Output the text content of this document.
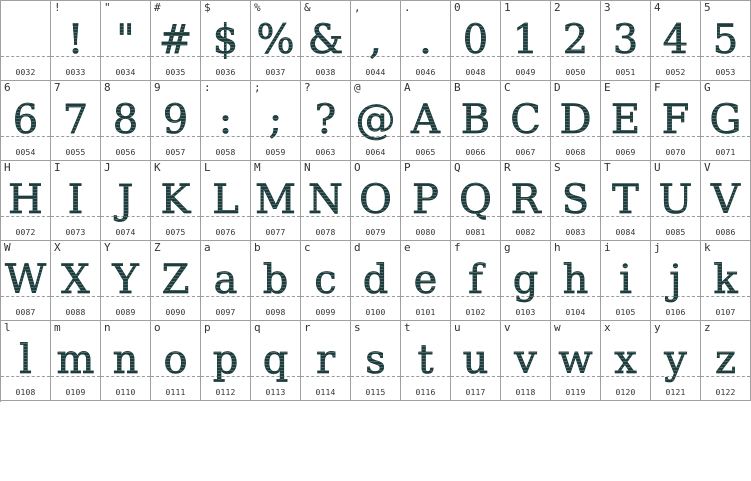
0032
!
!
0033
"
"
0034
#
#
0035
$
$
0036
%
%
0037
&
&
0038
,
,
0044
.
.
0046
0
0
0048
1
1
0049
2
2
0050
3
3
0051
4
4
0052
5
5
0053
6
6
0054
7
7
0055
8
8
0056
9
9
0057
:
:
0058
;
;
0059
?
?
0063
@
@
0064
A
A
0065
B
B
0066
C
C
0067
D
D
0068
E
E
0069
F
F
0070
G
G
0071
H
H
0072
I
I
0073
J
J
0074
K
K
0075
L
L
0076
M
M
0077
N
N
0078
O
O
0079
P
P
0080
Q
Q
0081
R
R
0082
S
S
0083
T
T
0084
U
U
0085
V
V
0086
W
W
0087
X
X
0088
Y
Y
0089
Z
Z
0090
a
a
0097
b
b
0098
c
c
0099
d
d
0100
e
e
0101
f
f
0102
g
g
0103
h
h
0104
i
i
0105
j
j
0106
k
k
0107
l
l
0108
m
m
0109
n
n
0110
o
o
0111
p
p
0112
q
q
0113
r
r
0114
s
s
0115
t
t
0116
u
u
0117
v
v
0118
w
w
0119
x
x
0120
y
y
0121
z
z
0122
